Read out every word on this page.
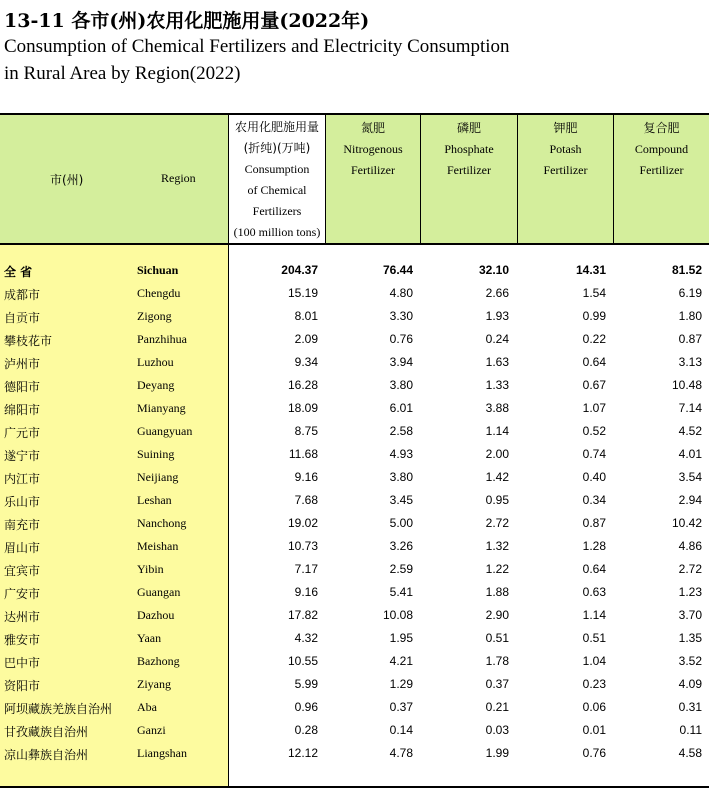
13-11 各市(州)农用化肥施用量(2022年)
Consumption of Chemical Fertilizers and Electricity Consumption
in Rural Area by Region(2022)
市(州)	Region
农用化肥施用量
(折纯)(万吨)
Consumption
of Chemical
Fertilizers
(100 million tons)
氮肥
Nitrogenous
Fertilizer
磷肥
Phosphate
Fertilizer
钾肥
Potash
Fertilizer
复合肥
Compound
Fertilizer
全 省	Sichuan	204.37	76.44	32.10	14.31	81.52
成都市	Chengdu	15.19	4.80	2.66	1.54	6.19
自贡市	Zigong	8.01	3.30	1.93	0.99	1.80
攀枝花市	Panzhihua	2.09	0.76	0.24	0.22	0.87
泸州市	Luzhou	9.34	3.94	1.63	0.64	3.13
德阳市	Deyang	16.28	3.80	1.33	0.67	10.48
绵阳市	Mianyang	18.09	6.01	3.88	1.07	7.14
广元市	Guangyuan	8.75	2.58	1.14	0.52	4.52
遂宁市	Suining	11.68	4.93	2.00	0.74	4.01
内江市	Neijiang	9.16	3.80	1.42	0.40	3.54
乐山市	Leshan	7.68	3.45	0.95	0.34	2.94
南充市	Nanchong	19.02	5.00	2.72	0.87	10.42
眉山市	Meishan	10.73	3.26	1.32	1.28	4.86
宜宾市	Yibin	7.17	2.59	1.22	0.64	2.72
广安市	Guangan	9.16	5.41	1.88	0.63	1.23
达州市	Dazhou	17.82	10.08	2.90	1.14	3.70
雅安市	Yaan	4.32	1.95	0.51	0.51	1.35
巴中市	Bazhong	10.55	4.21	1.78	1.04	3.52
资阳市	Ziyang	5.99	1.29	0.37	0.23	4.09
阿坝藏族羌族自治州 Aba	0.96	0.37	0.21	0.06	0.31
甘孜藏族自治州	Ganzi	0.28	0.14	0.03	0.01	0.11
凉山彝族自治州	Liangshan	12.12	4.78	1.99	0.76	4.58
